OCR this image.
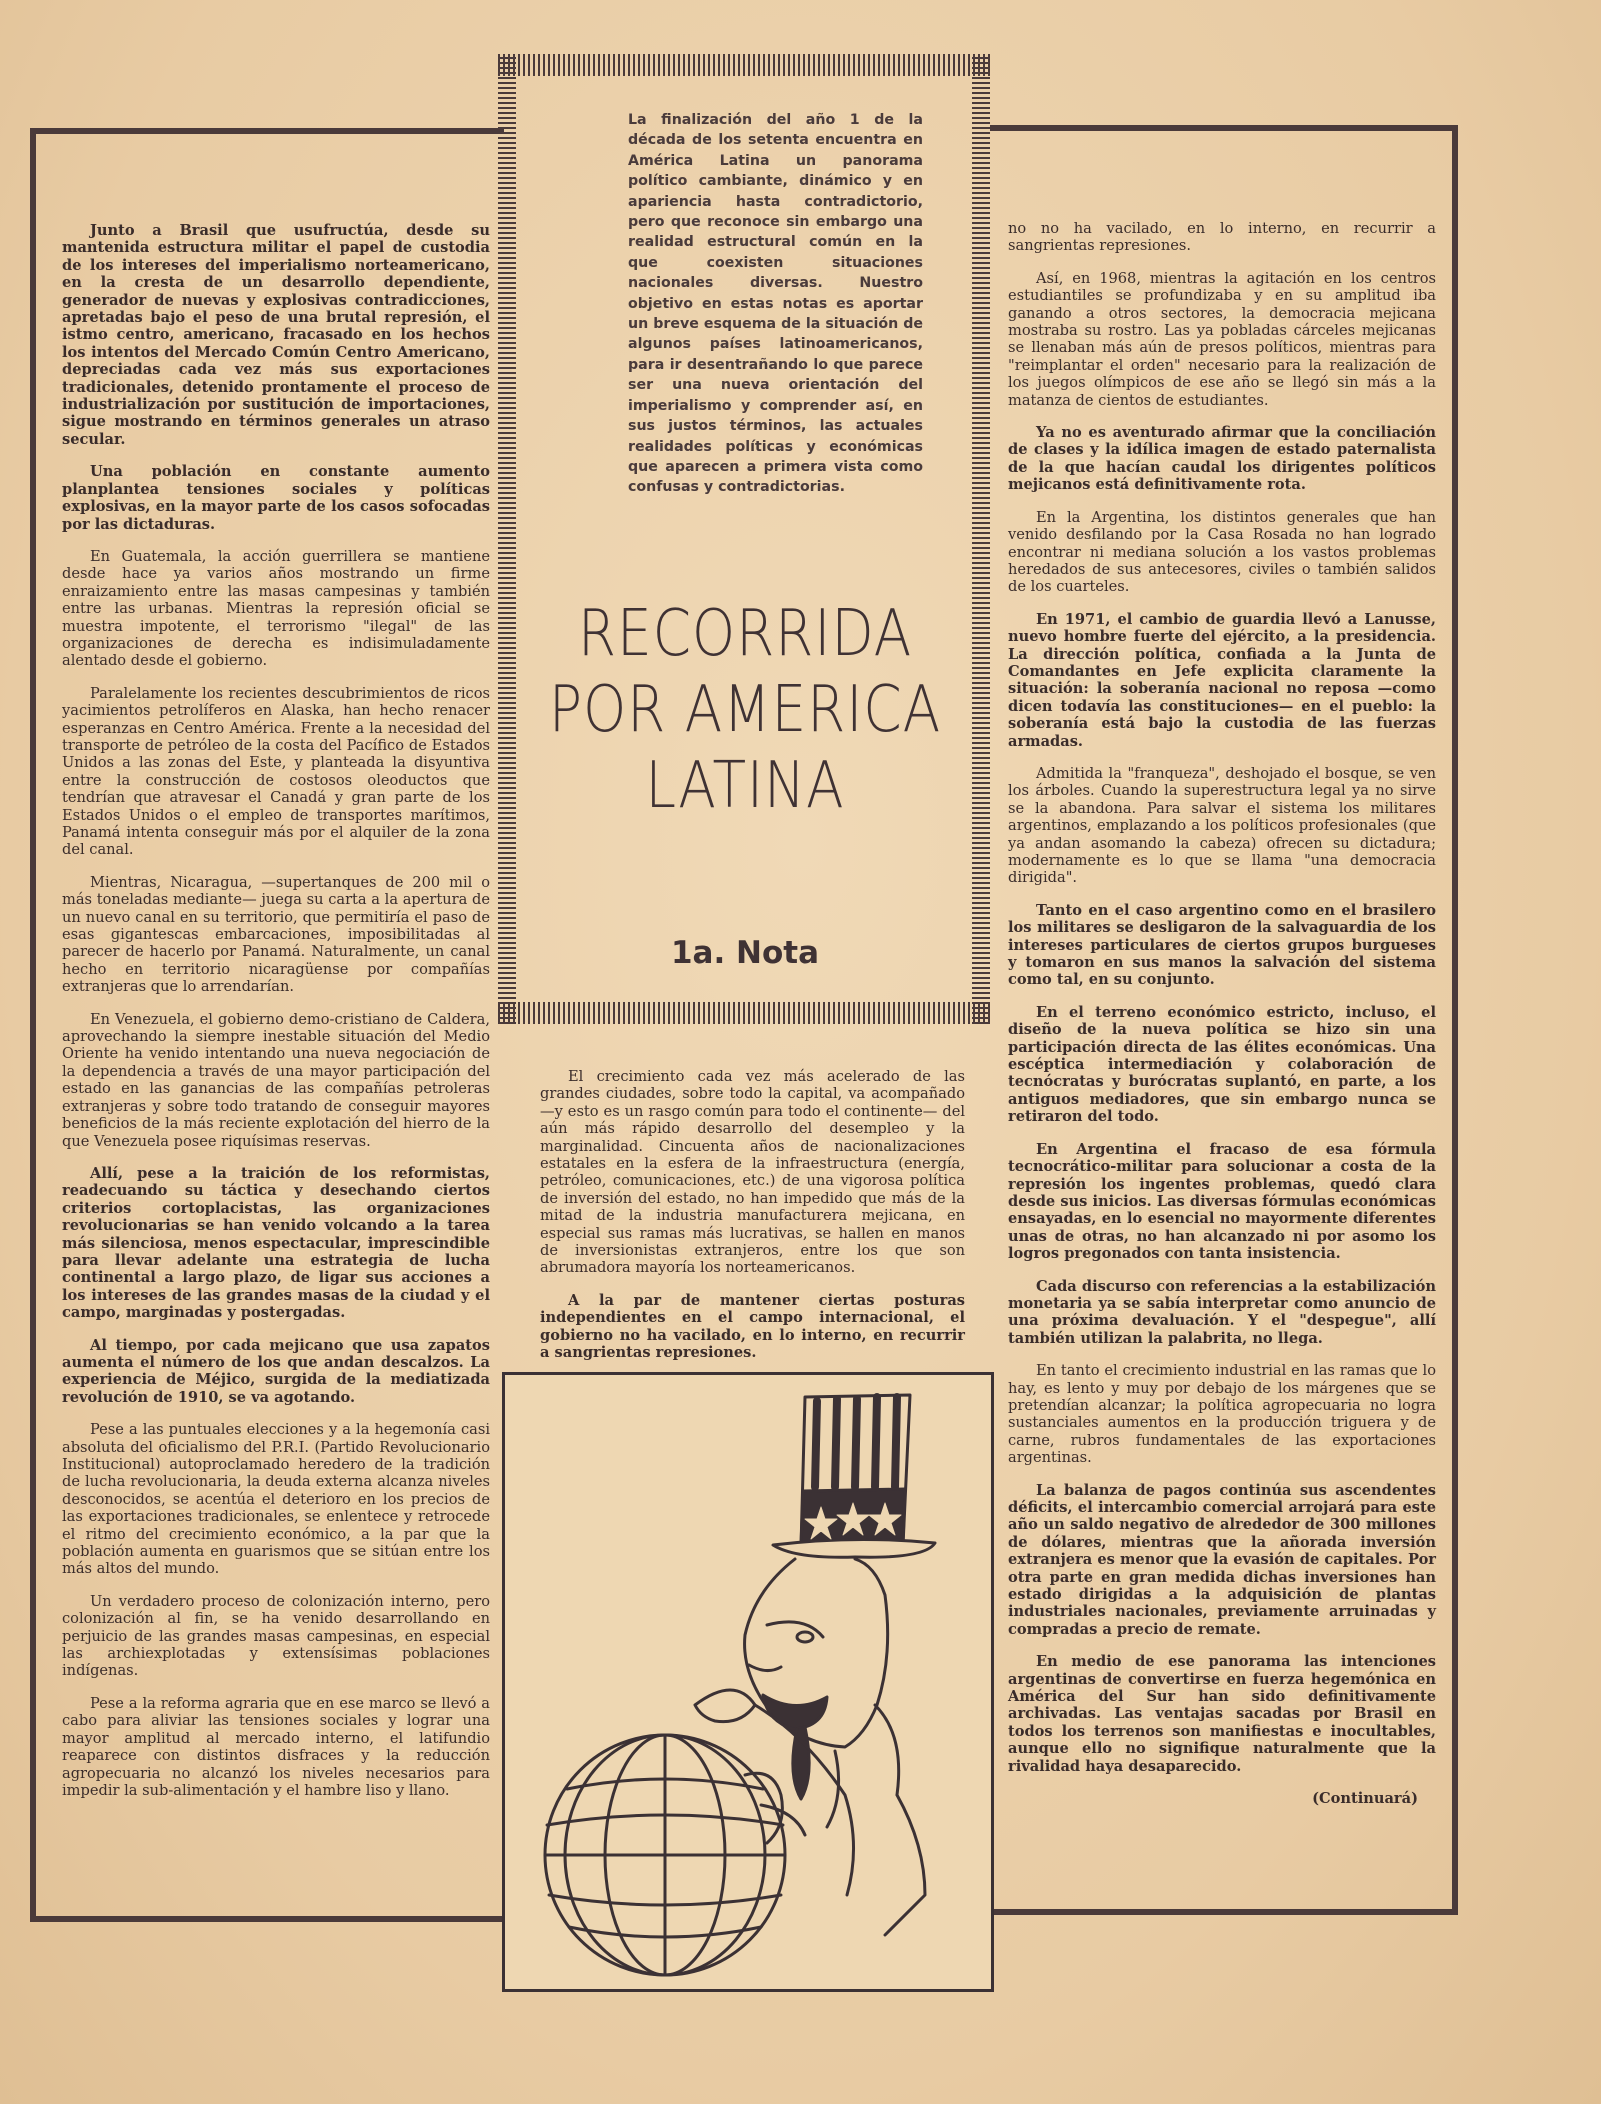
La finalización del año 1 de la década de los setenta encuentra en América Latina un panorama político cambiante, dinámico y en apariencia hasta contradictorio, pero que reconoce sin embargo una realidad estructural común en la que coexisten situaciones nacionales diversas. Nuestro objetivo en estas notas es aportar un breve esquema de la situación de algunos países latinoamericanos, para ir desentrañando lo que parece ser una nueva orientación del imperialismo y comprender así, en sus justos términos, las actuales realidades políticas y económicas que aparecen a primera vista como confusas y contradictorias.

RECORRIDA
POR AMERICA
LATINA
1a. Nota

Junto a Brasil que usufructúa, desde su mantenida estructura militar el papel de custodia de los intereses del imperialismo norteamericano, en la cresta de un desarrollo dependiente, generador de nuevas y explosivas contradicciones, apretadas bajo el peso de una brutal represión, el istmo centro, americano, fracasado en los hechos los intentos del Mercado Común Centro Americano, depreciadas cada vez más sus exportaciones tradicionales, detenido prontamente el proceso de industrialización por sustitución de importaciones, sigue mostrando en términos generales un atraso secular.

Una población en constante aumento planplantea tensiones sociales y políticas explosivas, en la mayor parte de los casos sofocadas por las dictaduras.

En Guatemala, la acción guerrillera se mantiene desde hace ya varios años mostrando un firme enraizamiento entre las masas campesinas y también entre las urbanas. Mientras la represión oficial se muestra impotente, el terrorismo "ilegal" de las organizaciones de derecha es indisimuladamente alentado desde el gobierno.

Paralelamente los recientes descubrimientos de ricos yacimientos petrolíferos en Alaska, han hecho renacer esperanzas en Centro América. Frente a la necesidad del transporte de petróleo de la costa del Pacífico de Estados Unidos a las zonas del Este, y planteada la disyuntiva entre la construcción de costosos oleoductos que tendrían que atravesar el Canadá y gran parte de los Estados Unidos o el empleo de transportes marítimos, Panamá intenta conseguir más por el alquiler de la zona del canal.

Mientras, Nicaragua, —supertanques de 200 mil o más toneladas mediante— juega su carta a la apertura de un nuevo canal en su territorio, que permitiría el paso de esas gigantescas embarcaciones, imposibilitadas al parecer de hacerlo por Panamá. Naturalmente, un canal hecho en territorio nicaragüense por compañías extranjeras que lo arrendarían.

En Venezuela, el gobierno demo-cristiano de Caldera, aprovechando la siempre inestable situación del Medio Oriente ha venido intentando una nueva negociación de la dependencia a través de una mayor participación del estado en las ganancias de las compañías petroleras extranjeras y sobre todo tratando de conseguir mayores beneficios de la más reciente explotación del hierro de la que Venezuela posee riquísimas reservas.

Allí, pese a la traición de los reformistas, readecuando su táctica y desechando ciertos criterios cortoplacistas, las organizaciones revolucionarias se han venido volcando a la tarea más silenciosa, menos espectacular, imprescindible para llevar adelante una estrategia de lucha continental a largo plazo, de ligar sus acciones a los intereses de las grandes masas de la ciudad y el campo, marginadas y postergadas.

Al tiempo, por cada mejicano que usa zapatos aumenta el número de los que andan descalzos. La experiencia de Méjico, surgida de la mediatizada revolución de 1910, se va agotando.

Pese a las puntuales elecciones y a la hegemonía casi absoluta del oficialismo del P.R.I. (Partido Revolucionario Institucional) autoproclamado heredero de la tradición de lucha revolucionaria, la deuda externa alcanza niveles desconocidos, se acentúa el deterioro en los precios de las exportaciones tradicionales, se enlentece y retrocede el ritmo del crecimiento económico, a la par que la población aumenta en guarismos que se sitúan entre los más altos del mundo.

Un verdadero proceso de colonización interno, pero colonización al fin, se ha venido desarrollando en perjuicio de las grandes masas campesinas, en especial las archiexplotadas y extensísimas poblaciones indígenas.

Pese a la reforma agraria que en ese marco se llevó a cabo para aliviar las tensiones sociales y lograr una mayor amplitud al mercado interno, el latifundio reaparece con distintos disfraces y la reducción agropecuaria no alcanzó los niveles necesarios para impedir la sub-alimentación y el hambre liso y llano.

El crecimiento cada vez más acelerado de las grandes ciudades, sobre todo la capital, va acompañado —y esto es un rasgo común para todo el continente— del aún más rápido desarrollo del desempleo y la marginalidad. Cincuenta años de nacionalizaciones estatales en la esfera de la infraestructura (energía, petróleo, comunicaciones, etc.) de una vigorosa política de inversión del estado, no han impedido que más de la mitad de la industria manufacturera mejicana, en especial sus ramas más lucrativas, se hallen en manos de inversionistas extranjeros, entre los que son abrumadora mayoría los norteamericanos.

A la par de mantener ciertas posturas independientes en el campo internacional, el gobierno no ha vacilado, en lo interno, en recurrir a sangrientas represiones.

no no ha vacilado, en lo interno, en recurrir a sangrientas represiones.

Así, en 1968, mientras la agitación en los centros estudiantiles se profundizaba y en su amplitud iba ganando a otros sectores, la democracia mejicana mostraba su rostro. Las ya pobladas cárceles mejicanas se llenaban más aún de presos políticos, mientras para "reimplantar el orden" necesario para la realización de los juegos olímpicos de ese año se llegó sin más a la matanza de cientos de estudiantes.

Ya no es aventurado afirmar que la conciliación de clases y la idílica imagen de estado paternalista de la que hacían caudal los dirigentes políticos mejicanos está definitivamente rota.

En la Argentina, los distintos generales que han venido desfilando por la Casa Rosada no han logrado encontrar ni mediana solución a los vastos problemas heredados de sus antecesores, civiles o también salidos de los cuarteles.

En 1971, el cambio de guardia llevó a Lanusse, nuevo hombre fuerte del ejército, a la presidencia. La dirección política, confiada a la Junta de Comandantes en Jefe explicita claramente la situación: la soberanía nacional no reposa —como dicen todavía las constituciones— en el pueblo: la soberanía está bajo la custodia de las fuerzas armadas.

Admitida la "franqueza", deshojado el bosque, se ven los árboles. Cuando la superestructura legal ya no sirve se la abandona. Para salvar el sistema los militares argentinos, emplazando a los políticos profesionales (que ya andan asomando la cabeza) ofrecen su dictadura; modernamente es lo que se llama "una democracia dirigida".

Tanto en el caso argentino como en el brasilero los militares se desligaron de la salvaguardia de los intereses particulares de ciertos grupos burgueses y tomaron en sus manos la salvación del sistema como tal, en su conjunto.

En el terreno económico estricto, incluso, el diseño de la nueva política se hizo sin una participación directa de las élites económicas. Una escéptica intermediación y colaboración de tecnócratas y burócratas suplantó, en parte, a los antiguos mediadores, que sin embargo nunca se retiraron del todo.

En Argentina el fracaso de esa fórmula tecnocrático-militar para solucionar a costa de la represión los ingentes problemas, quedó clara desde sus inicios. Las diversas fórmulas económicas ensayadas, en lo esencial no mayormente diferentes unas de otras, no han alcanzado ni por asomo los logros pregonados con tanta insistencia.

Cada discurso con referencias a la estabilización monetaria ya se sabía interpretar como anuncio de una próxima devaluación. Y el "despegue", allí también utilizan la palabrita, no llega.

En tanto el crecimiento industrial en las ramas que lo hay, es lento y muy por debajo de los márgenes que se pretendían alcanzar; la política agropecuaria no logra sustanciales aumentos en la producción triguera y de carne, rubros fundamentales de las exportaciones argentinas.

La balanza de pagos continúa sus ascendentes déficits, el intercambio comercial arrojará para este año un saldo negativo de alrededor de 300 millones de dólares, mientras que la añorada inversión extranjera es menor que la evasión de capitales. Por otra parte en gran medida dichas inversiones han estado dirigidas a la adquisición de plantas industriales nacionales, previamente arruinadas y compradas a precio de remate.

En medio de ese panorama las intenciones argentinas de convertirse en fuerza hegemónica en América del Sur han sido definitivamente archivadas. Las ventajas sacadas por Brasil en todos los terrenos son manifiestas e inocultables, aunque ello no signifique naturalmente que la rivalidad haya desaparecido.

(Continuará)
